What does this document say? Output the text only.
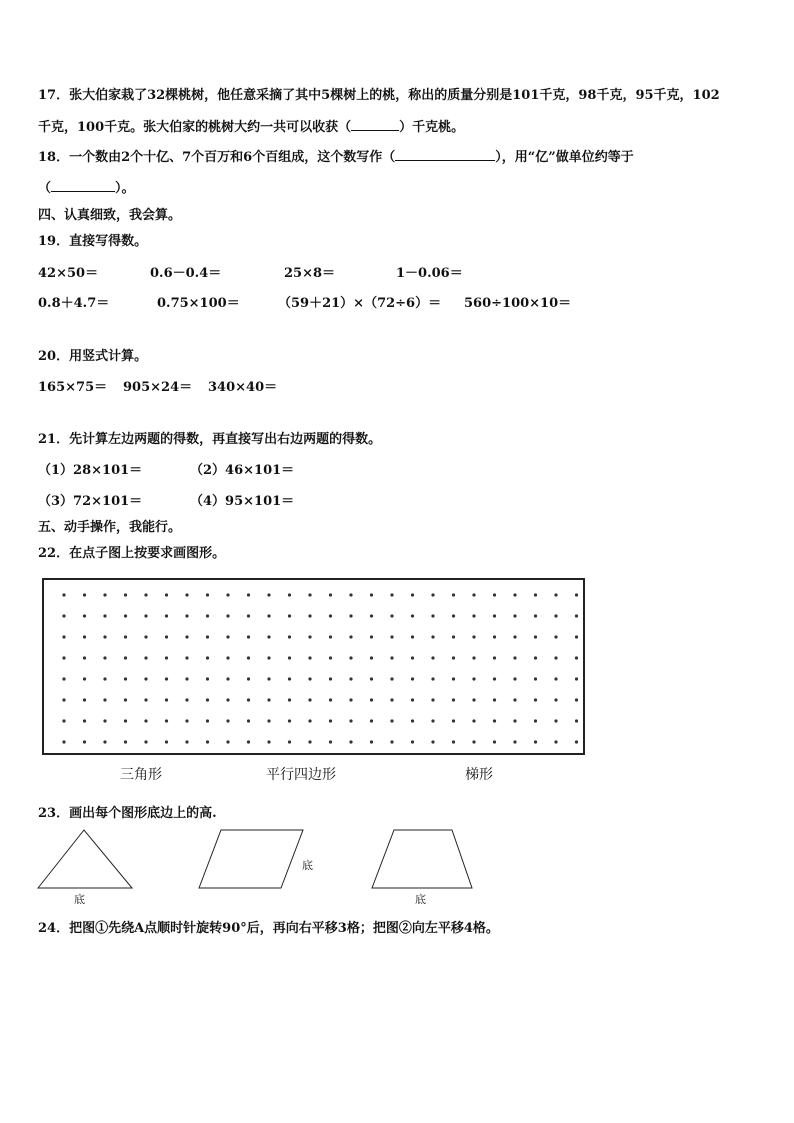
17．张大伯家栽了32棵桃树，他任意采摘了其中5棵树上的桃，称出的质量分别是101千克，98千克，95千克，102
千克，100千克。张大伯家的桃树大约一共可以收获（	）千克桃。
18．一个数由2个十亿、7个百万和6个百组成，这个数写作（	），用“亿”做单位约等于
（	）。
四、认真细致，我会算。
19．直接写得数。
42×50＝	0.6－0.4＝	25×8＝	1－0.06＝
0.8＋4.7＝	0.75×100＝	（59＋21）×（72÷6）＝ 560÷100×10＝
20．用竖式计算。
165×75＝ 905×24＝ 340×40＝
21．先计算左边两题的得数，再直接写出右边两题的得数。
（1）28×101＝	（2）46×101＝
（3）72×101＝	（4）95×101＝
五、动手操作，我能行。
22．在点子图上按要求画图形。
三角形	平行四边形	梯形
23．画出每个图形底边上的高.
底
底
底
24．把图①先绕A点顺时针旋转90°后，再向右平移3格；把图②向左平移4格。
